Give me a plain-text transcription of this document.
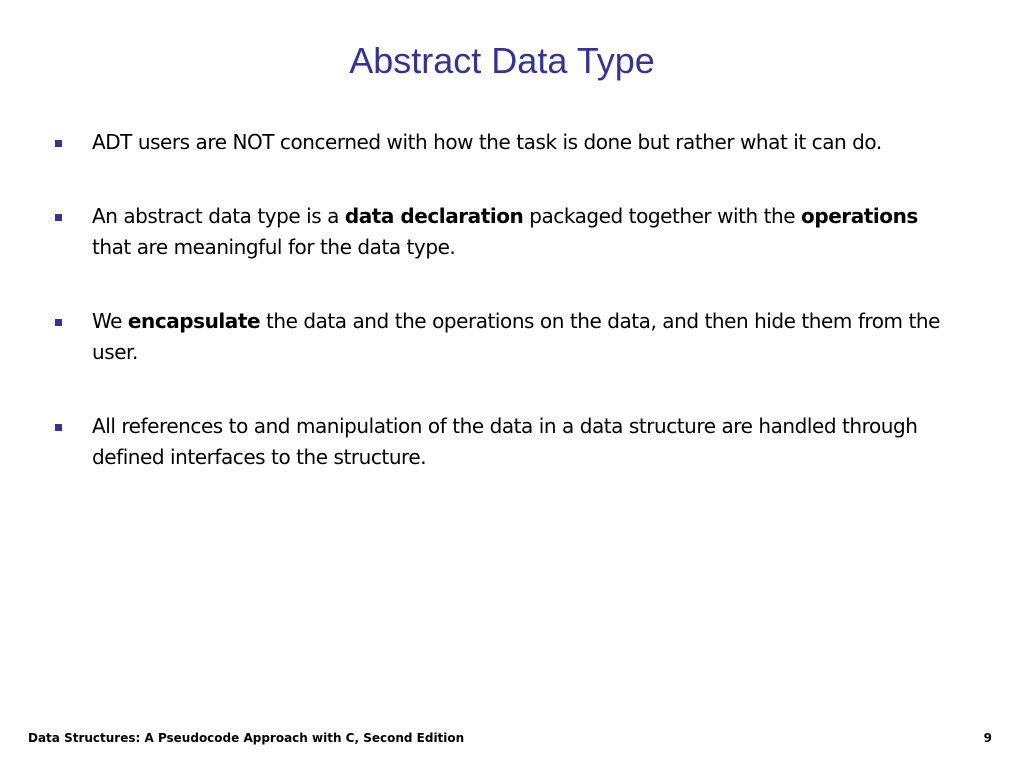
Abstract Data Type
ADT users are NOT concerned with how the task is done but rather what it can do.
An abstract data type is a data declaration packaged together with the operations that are meaningful for the data type.
We encapsulate the data and the operations on the data, and then hide them from the user.
All references to and manipulation of the data in a data structure are handled through defined interfaces to the structure.
Data Structures: A Pseudocode Approach with C, Second Edition	9
